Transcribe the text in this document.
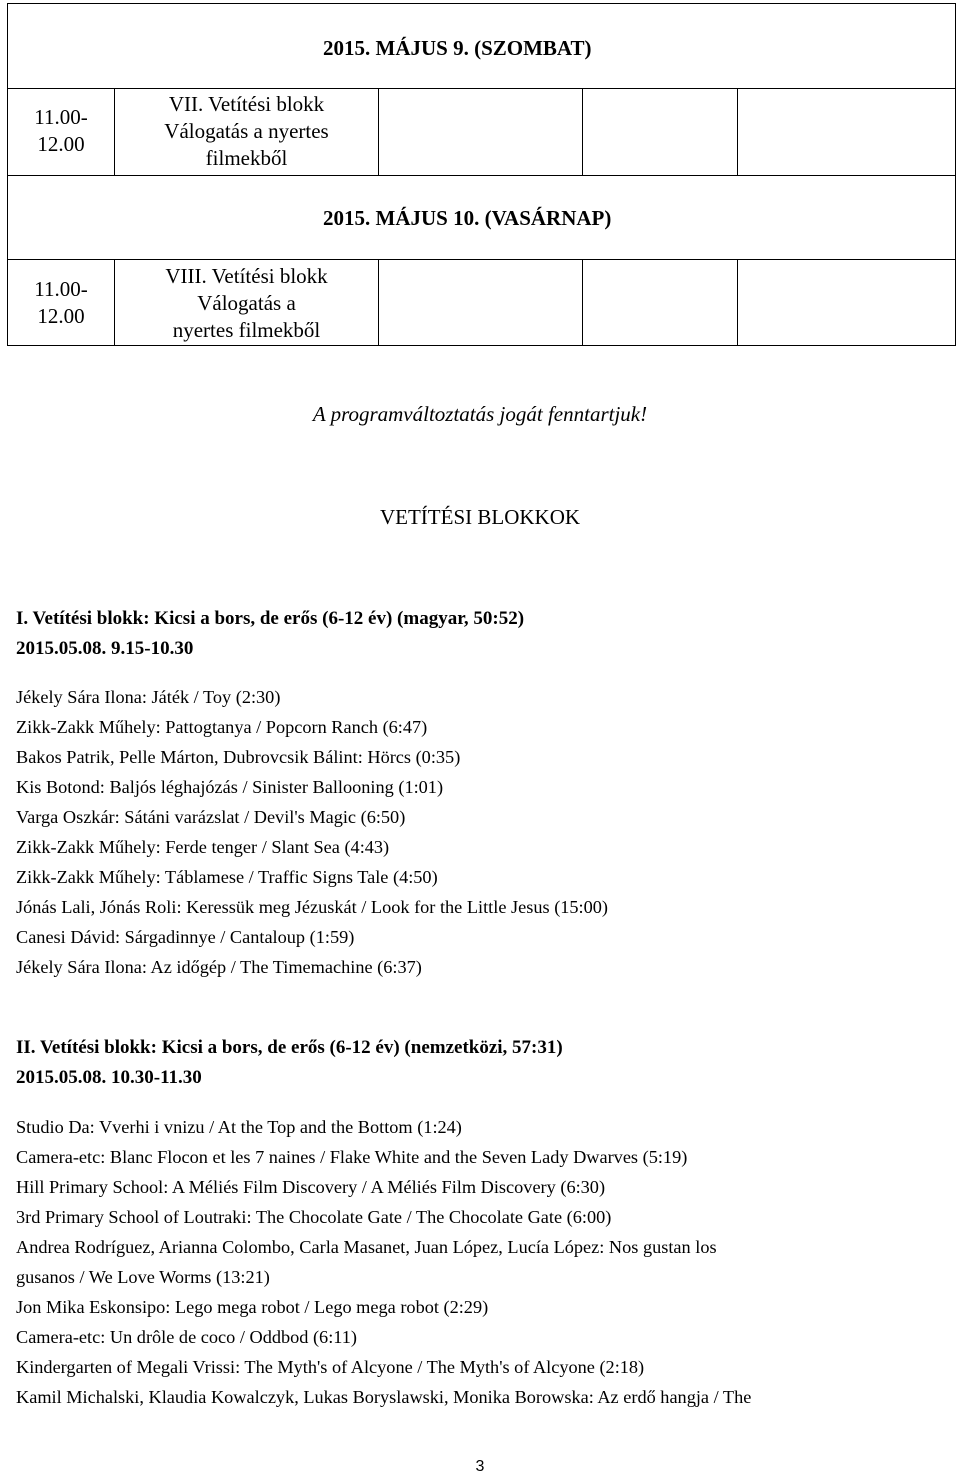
2015. MÁJUS 9. (SZOMBAT)
11.00-
12.00
VII. Vetítési blokk
Válogatás a nyertes
filmekből
2015. MÁJUS 10. (VASÁRNAP)
11.00-
12.00
VIII. Vetítési blokk
Válogatás a
nyertes filmekből
A programváltoztatás jogát fenntartjuk!
VETÍTÉSI BLOKKOK
I. Vetítési blokk: Kicsi a bors, de erős (6-12 év) (magyar, 50:52)
2015.05.08. 9.15-10.30
Jékely Sára Ilona: Játék / Toy (2:30)
Zikk-Zakk Műhely: Pattogtanya / Popcorn Ranch (6:47)
Bakos Patrik, Pelle Márton, Dubrovcsik Bálint: Hörcs (0:35)
Kis Botond: Baljós léghajózás / Sinister Ballooning (1:01)
Varga Oszkár: Sátáni varázslat / Devil's Magic (6:50)
Zikk-Zakk Műhely: Ferde tenger / Slant Sea (4:43)
Zikk-Zakk Műhely: Táblamese / Traffic Signs Tale (4:50)
Jónás Lali, Jónás Roli: Keressük meg Jézuskát / Look for the Little Jesus (15:00)
Canesi Dávid: Sárgadinnye / Cantaloup (1:59)
Jékely Sára Ilona: Az időgép / The Timemachine (6:37)
II. Vetítési blokk: Kicsi a bors, de erős (6-12 év) (nemzetközi, 57:31)
2015.05.08. 10.30-11.30
Studio Da: Vverhi i vnizu / At the Top and the Bottom (1:24)
Camera-etc: Blanc Flocon et les 7 naines / Flake White and the Seven Lady Dwarves (5:19)
Hill Primary School: A Méliés Film Discovery / A Méliés Film Discovery (6:30)
3rd Primary School of Loutraki: The Chocolate Gate / The Chocolate Gate (6:00)
Andrea Rodríguez, Arianna Colombo, Carla Masanet, Juan López, Lucía López: Nos gustan los
gusanos / We Love Worms (13:21)
Jon Mika Eskonsipo: Lego mega robot / Lego mega robot (2:29)
Camera-etc: Un drôle de coco / Oddbod (6:11)
Kindergarten of Megali Vrissi: The Myth's of Alcyone / The Myth's of Alcyone (2:18)
Kamil Michalski, Klaudia Kowalczyk, Lukas Boryslawski, Monika Borowska: Az erdő hangja / The
3
